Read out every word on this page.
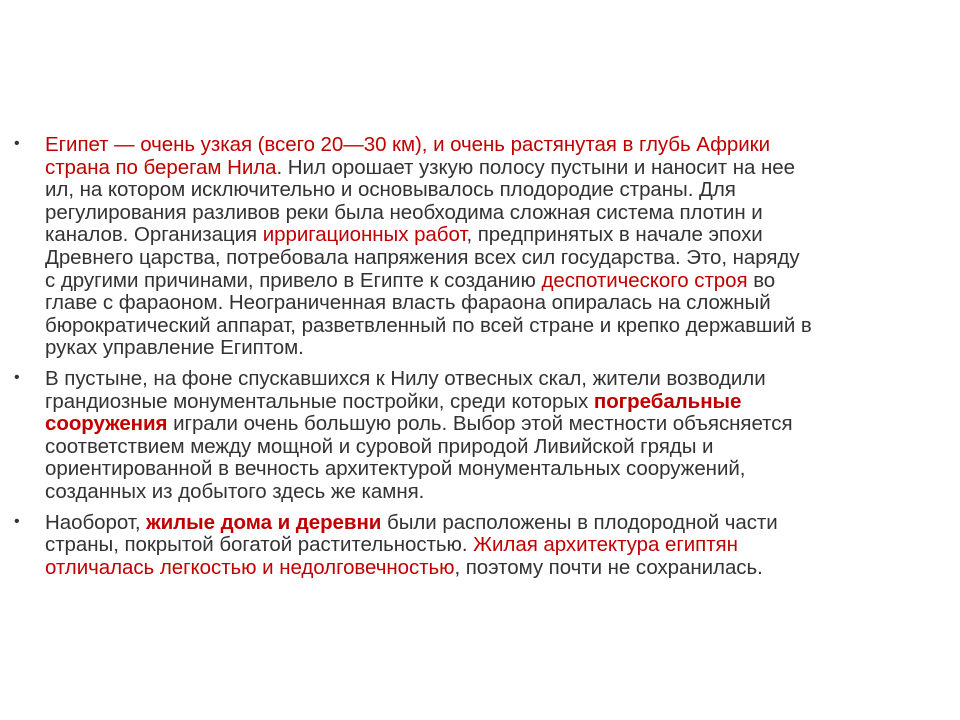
• Египет — очень узкая (всего 20—30 км), и очень растянутая в глубь Африки
страна по берегам Нила. Нил орошает узкую полосу пустыни и наносит на нее
ил, на котором исключительно и основывалось плодородие страны. Для
регулирования разливов реки была необходима сложная система плотин и
каналов. Организация ирригационных работ, предпринятых в начале эпохи
Древнего царства, потребовала напряжения всех сил государства. Это, наряду
с другими причинами, привело в Египте к созданию деспотического строя во
главе с фараоном. Неограниченная власть фараона опиралась на сложный
бюрократический аппарат, разветвленный по всей стране и крепко державший в
руках управление Египтом.
• В пустыне, на фоне спускавшихся к Нилу отвесных скал, жители возводили
грандиозные монументальные постройки, среди которых погребальные
сооружения играли очень большую роль. Выбор этой местности объясняется
соответствием между мощной и суровой природой Ливийской гряды и
ориентированной в вечность архитектурой монументальных сооружений,
созданных из добытого здесь же камня.
• Наоборот, жилые дома и деревни были расположены в плодородной части
страны, покрытой богатой растительностью. Жилая архитектура египтян
отличалась легкостью и недолговечностью, поэтому почти не сохранилась.
